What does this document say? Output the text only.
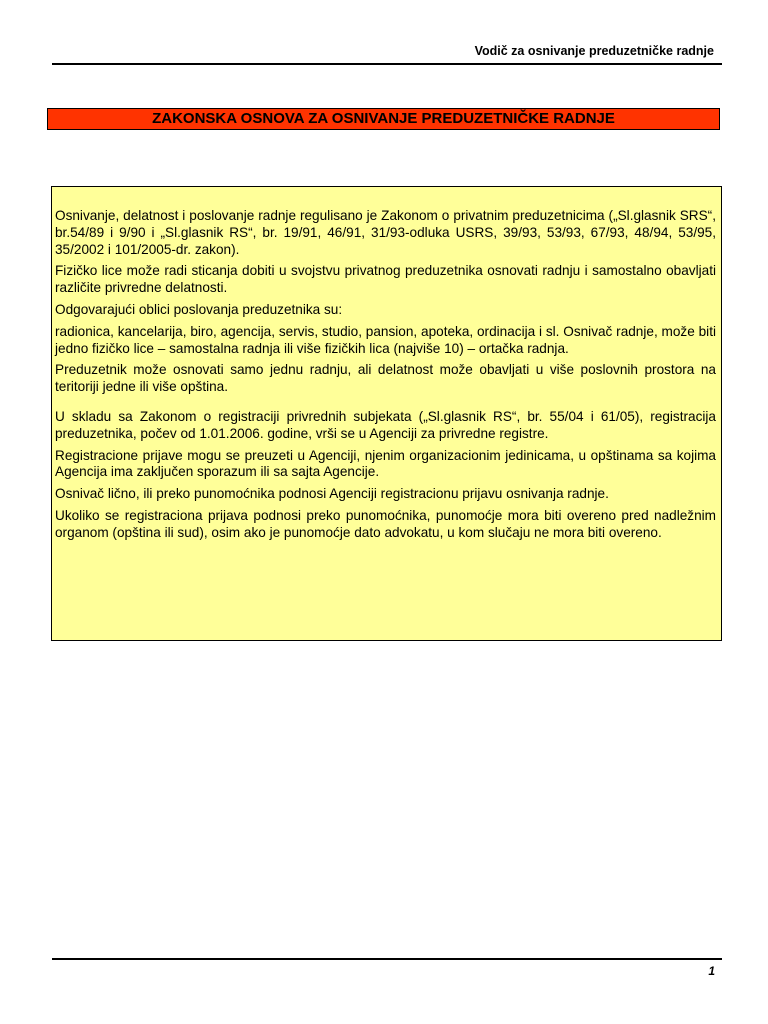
Vodič za osnivanje preduzetničke radnje
ZAKONSKA OSNOVA ZA OSNIVANJE PREDUZETNIČKE RADNJE

Osnivanje, delatnost i poslovanje radnje regulisano je Zakonom o privatnim preduzetnicima („Sl.glasnik SRS“, br.54/89 i 9/90 i „Sl.glasnik RS“, br. 19/91, 46/91, 31/93-odluka USRS, 39/93, 53/93, 67/93, 48/94, 53/95, 35/2002 i 101/2005-dr. zakon).

Fizičko lice može radi sticanja dobiti u svojstvu privatnog preduzetnika osnovati radnju i samostalno obavljati različite privredne delatnosti.

Odgovarajući oblici poslovanja preduzetnika su:

radionica, kancelarija, biro, agencija, servis, studio, pansion, apoteka, ordinacija i sl. Osnivač radnje, može biti jedno fizičko lice – samostalna radnja ili više fizičkih lica (najviše 10) – ortačka radnja.

Preduzetnik može osnovati samo jednu radnju, ali delatnost može obavljati u više poslovnih prostora na teritoriji jedne ili više opština.

U skladu sa Zakonom o registraciji privrednih subjekata („Sl.glasnik RS“, br. 55/04 i 61/05), registracija preduzetnika, počev od 1.01.2006. godine, vrši se u Agenciji za privredne registre.

Registracione prijave mogu se preuzeti u Agenciji, njenim organizacionim jedinicama, u opštinama sa kojima Agencija ima zaključen sporazum ili sa sajta Agencije.

Osnivač lično, ili preko punomoćnika podnosi Agenciji registracionu prijavu osnivanja radnje.

Ukoliko se registraciona prijava podnosi preko punomoćnika, punomoćje mora biti overeno pred nadležnim organom (opština ili sud), osim ako je punomoćje dato advokatu, u kom slučaju ne mora biti overeno.

1
